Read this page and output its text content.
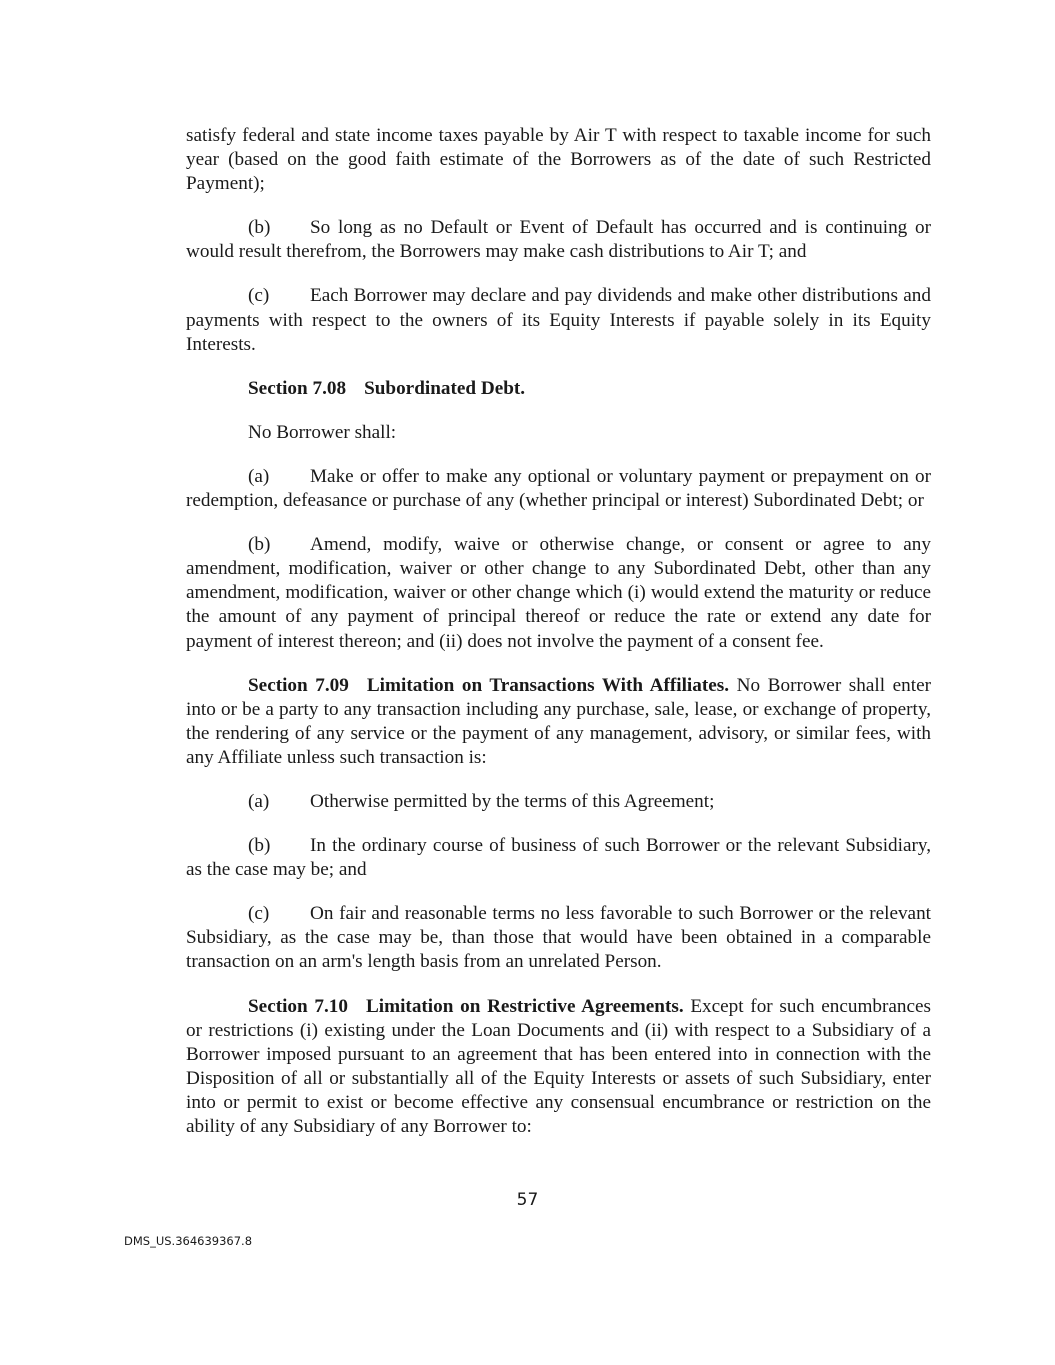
satisfy federal and state income taxes payable by Air T with respect to taxable income for such year (based on the good faith estimate of the Borrowers as of the date of such Restricted Payment);

(b) So long as no Default or Event of Default has occurred and is continuing or would result therefrom, the Borrowers may make cash distributions to Air T; and

(c) Each Borrower may declare and pay dividends and make other distributions and payments with respect to the owners of its Equity Interests if payable solely in its Equity Interests.

Section 7.08 Subordinated Debt.

No Borrower shall:

(a) Make or offer to make any optional or voluntary payment or prepayment on or redemption, defeasance or purchase of any (whether principal or interest) Subordinated Debt; or

(b) Amend, modify, waive or otherwise change, or consent or agree to any amendment, modification, waiver or other change to any Subordinated Debt, other than any amendment, modification, waiver or other change which (i) would extend the maturity or reduce the amount of any payment of principal thereof or reduce the rate or extend any date for payment of interest thereon; and (ii) does not involve the payment of a consent fee.

Section 7.09 Limitation on Transactions With Affiliates. No Borrower shall enter into or be a party to any transaction including any purchase, sale, lease, or exchange of property, the rendering of any service or the payment of any management, advisory, or similar fees, with any Affiliate unless such transaction is:

(a) Otherwise permitted by the terms of this Agreement;

(b) In the ordinary course of business of such Borrower or the relevant Subsidiary, as the case may be; and

(c) On fair and reasonable terms no less favorable to such Borrower or the relevant Subsidiary, as the case may be, than those that would have been obtained in a comparable transaction on an arm's length basis from an unrelated Person.

Section 7.10 Limitation on Restrictive Agreements. Except for such encumbrances or restrictions (i) existing under the Loan Documents and (ii) with respect to a Subsidiary of a Borrower imposed pursuant to an agreement that has been entered into in connection with the Disposition of all or substantially all of the Equity Interests or assets of such Subsidiary, enter into or permit to exist or become effective any consensual encumbrance or restriction on the ability of any Subsidiary of any Borrower to:

57
DMS_US.364639367.8
